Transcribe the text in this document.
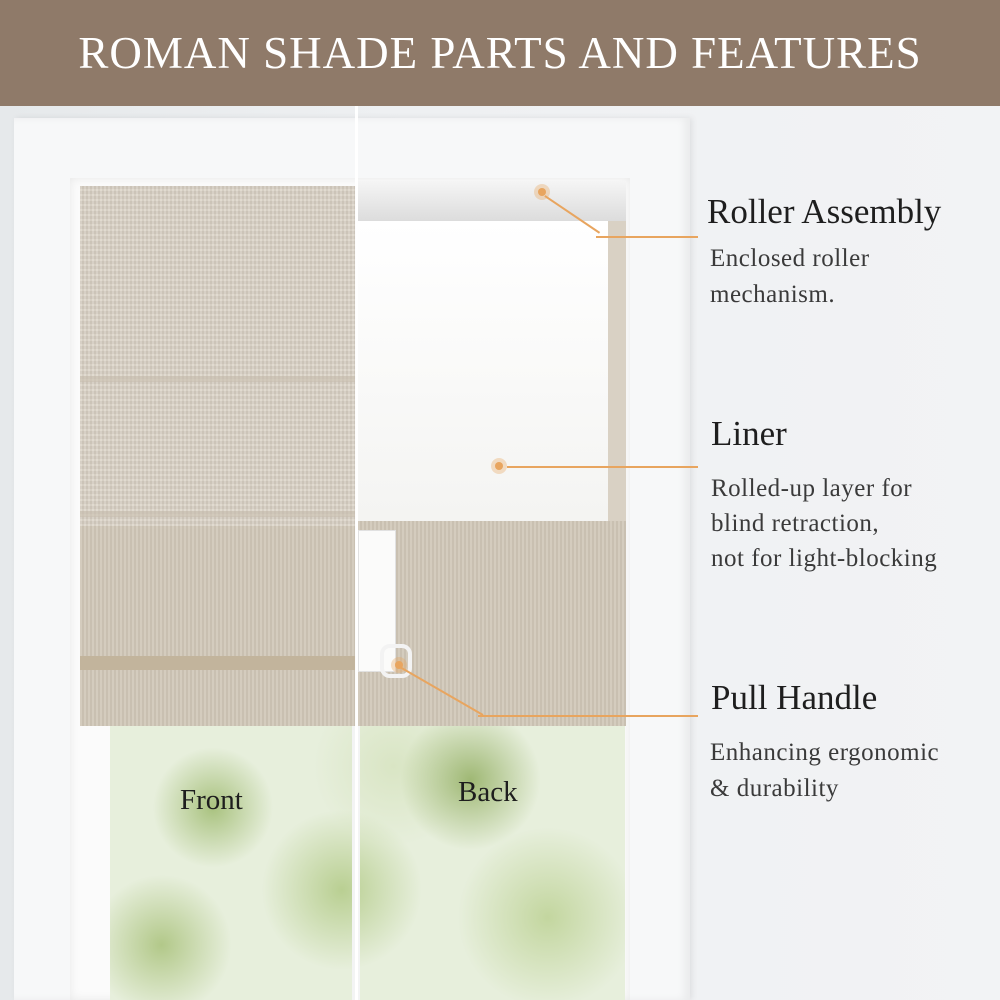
ROMAN SHADE PARTS AND FEATURES
Front	Back
Roller Assembly
Enclosed roller
mechanism.
Liner
Rolled-up layer for
blind retraction,
not for light-blocking
Pull Handle
Enhancing ergonomic
& durability
